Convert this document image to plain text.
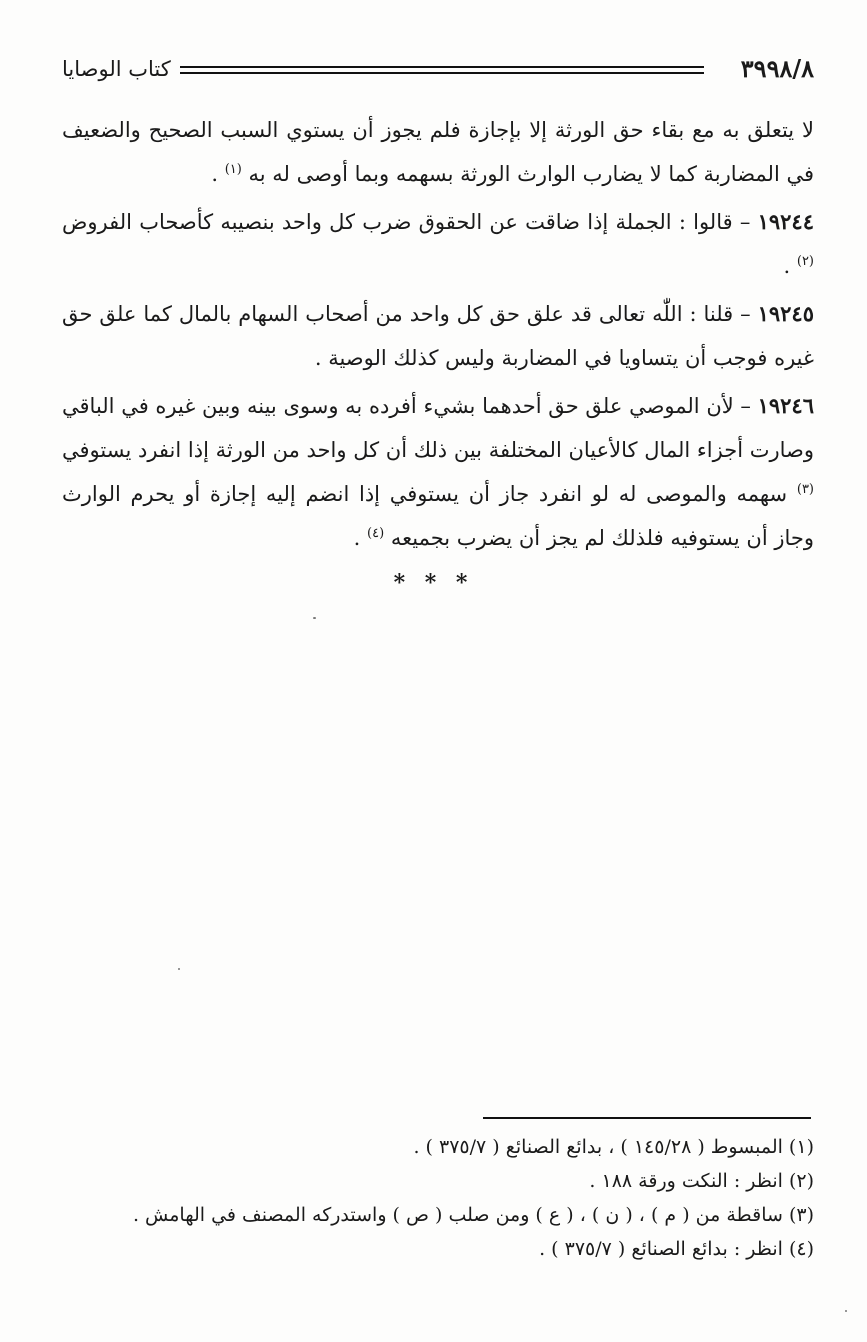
٣٩٩٨/٨
كتاب الوصايا

لا يتعلق به مع بقاء حق الورثة إلا بإجازة فلم يجوز أن يستوي السبب الصحيح والضعيف في المضاربة كما لا يضارب الوارث الورثة بسهمه وبما أوصى له به $^{(١)}$ .

١٩٢٤٤ – قالوا : الجملة إذا ضاقت عن الحقوق ضرب كل واحد بنصيبه كأصحاب الفروض $^{(٢)}$ .

١٩٢٤٥ – قلنا : اللّٰه تعالى قد علق حق كل واحد من أصحاب السهام بالمال كما علق حق غيره فوجب أن يتساويا في المضاربة وليس كذلك الوصية .

١٩٢٤٦ – لأن الموصي علق حق أحدهما بشيء أفرده به وسوى بينه وبين غيره في الباقي وصارت أجزاء المال كالأعيان المختلفة بين ذلك أن كل واحد من الورثة إذا انفرد يستوفي $^{(٣)}$ سهمه والموصى له لو انفرد جاز أن يستوفي إذا انضم إليه إجازة أو يحرم الوارث وجاز أن يستوفيه فلذلك لم يجز أن يضرب بجميعه $^{(٤)}$ .

* * *

(١) المبسوط ( ١٤٥/٢٨ ) ، بدائع الصنائع ( ٣٧٥/٧ ) .

(٢) انظر : النكت ورقة ١٨٨ .

(٣) ساقطة من ( م ) ، ( ن ) ، ( ع ) ومن صلب ( ص ) واستدركه المصنف في الهامش .

(٤) انظر : بدائع الصنائع ( ٣٧٥/٧ ) .
